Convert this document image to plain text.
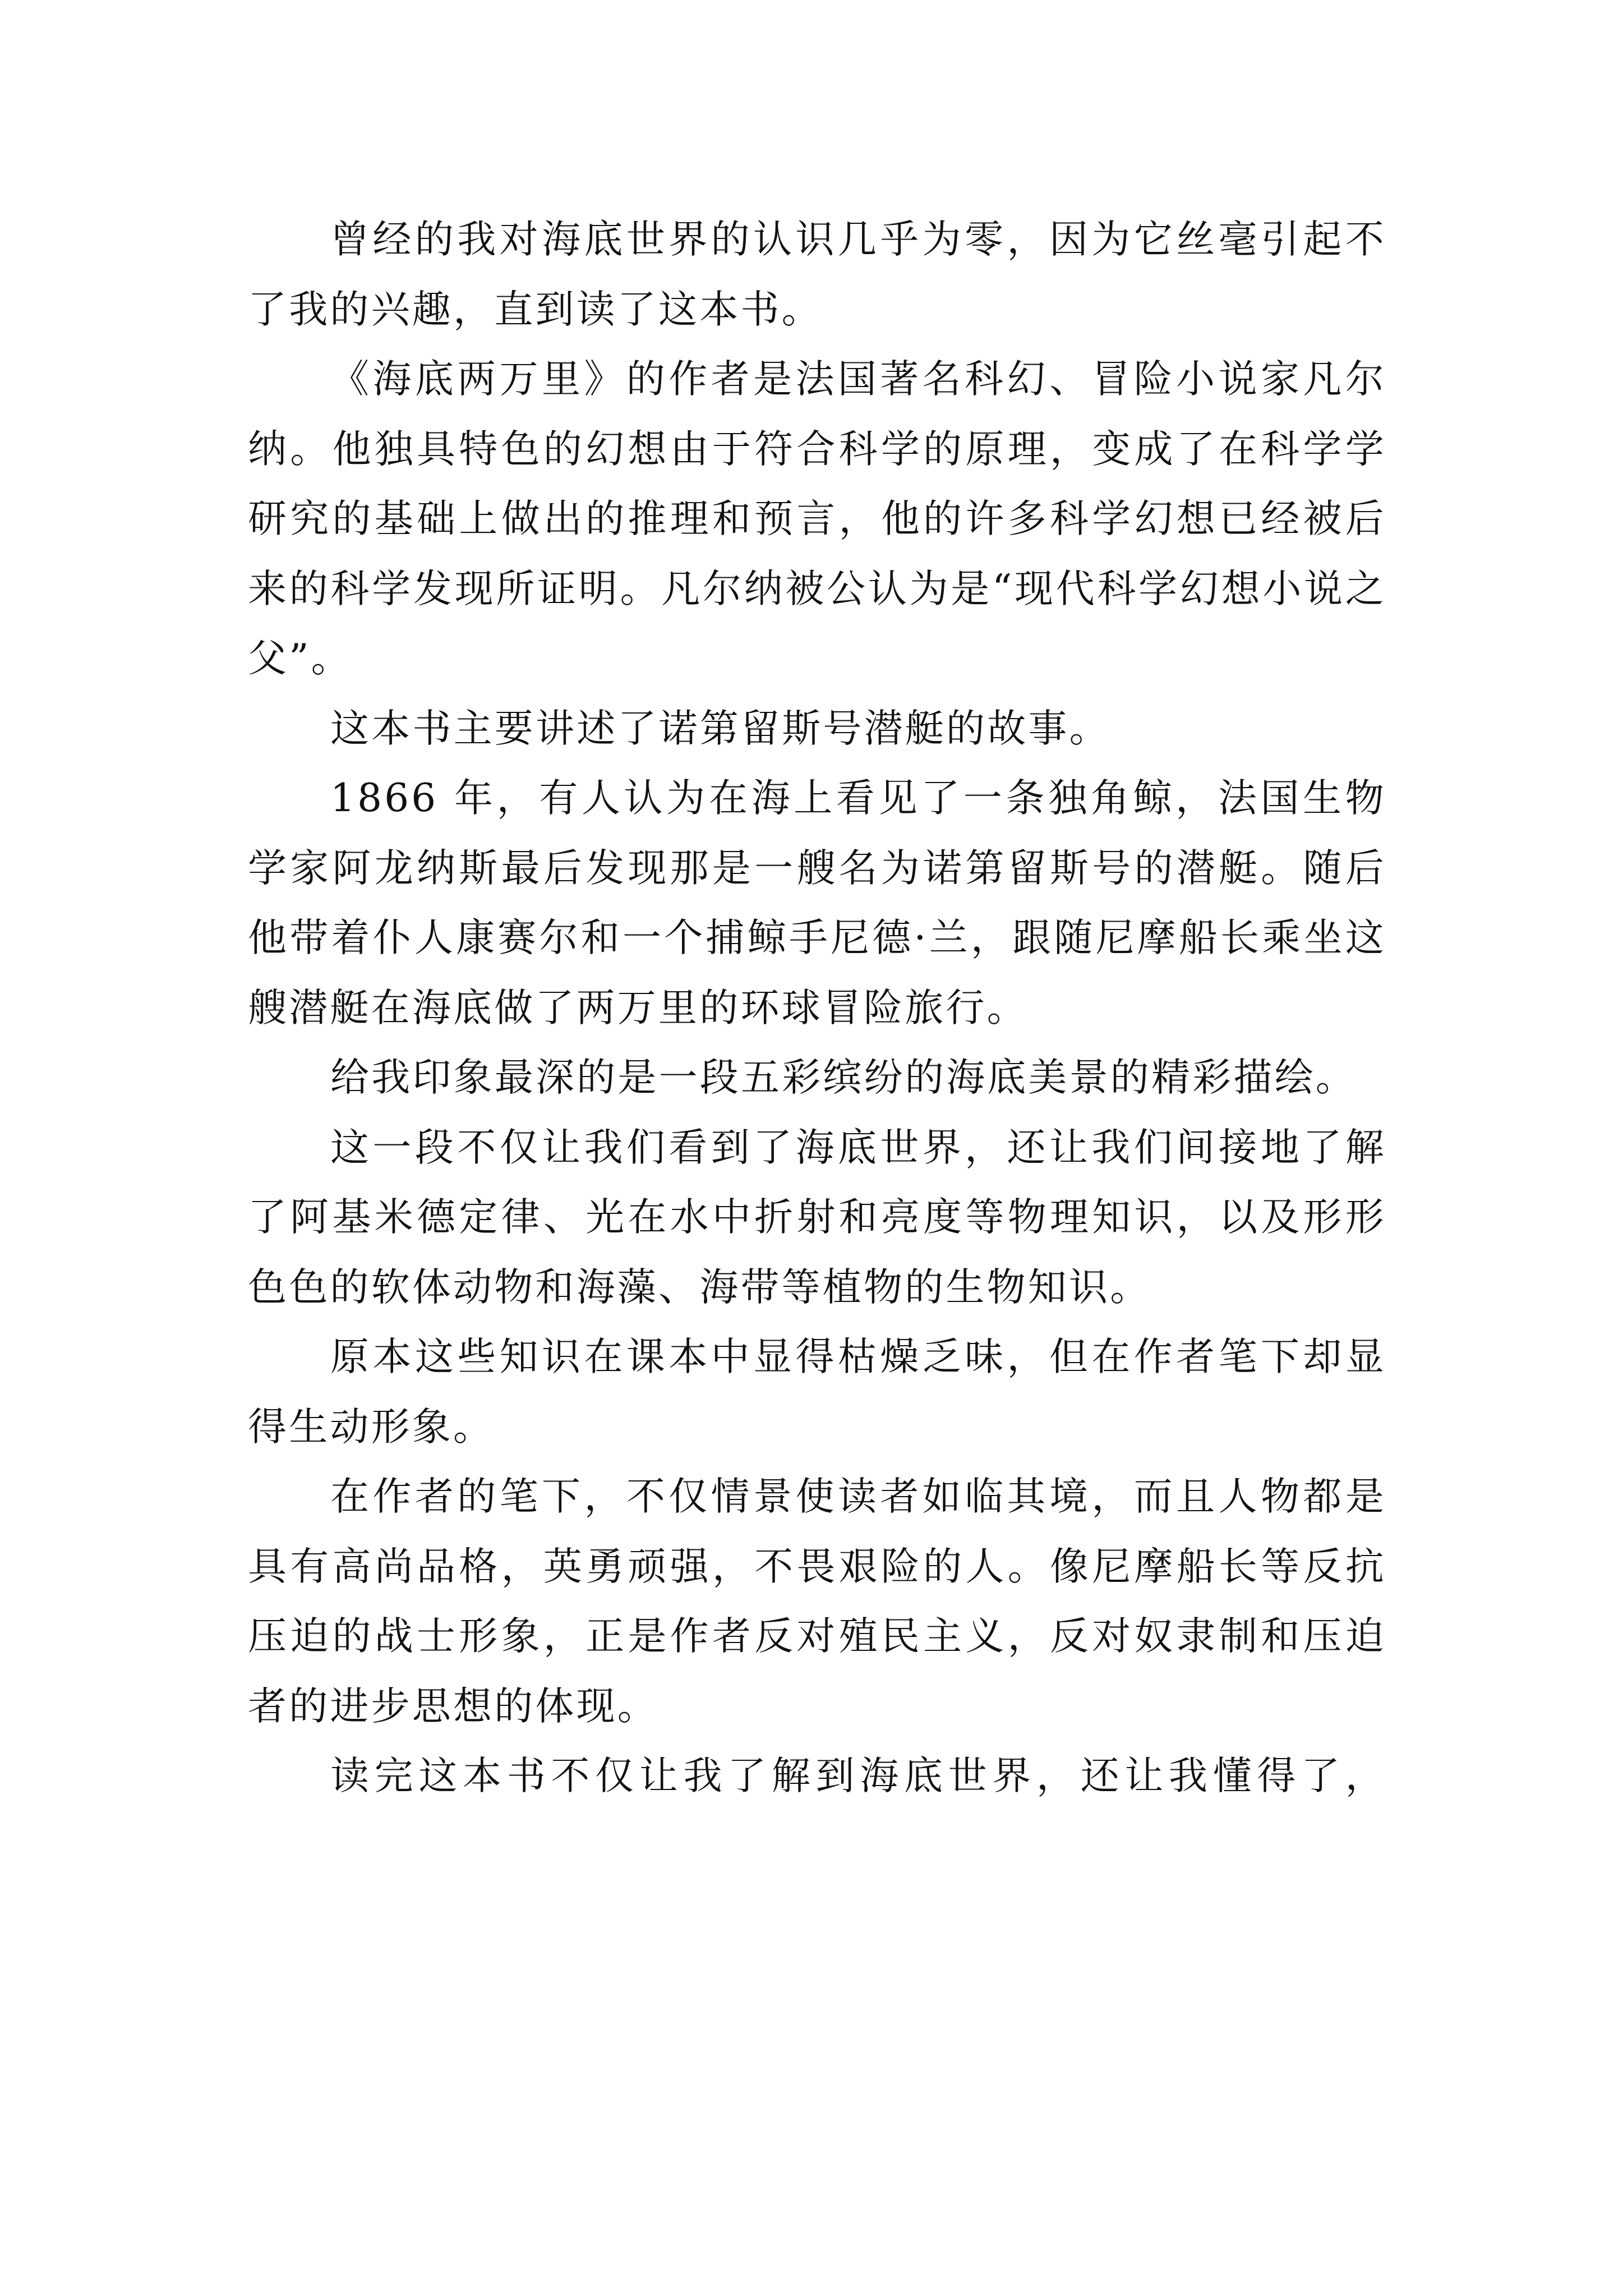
曾经的我对海底世界的认识几乎为零，因为它丝毫引起不了我的兴趣，直到读了这本书。

《海底两万里》的作者是法国著名科幻、冒险小说家凡尔纳。他独具特色的幻想由于符合科学的原理，变成了在科学学研究的基础上做出的推理和预言，他的许多科学幻想已经被后来的科学发现所证明。凡尔纳被公认为是“现代科学幻想小说之父”。

这本书主要讲述了诺第留斯号潜艇的故事。

1866 年，有人认为在海上看见了一条独角鲸，法国生物学家阿龙纳斯最后发现那是一艘名为诺第留斯号的潜艇。随后他带着仆人康赛尔和一个捕鲸手尼德·兰，跟随尼摩船长乘坐这艘潜艇在海底做了两万里的环球冒险旅行。

给我印象最深的是一段五彩缤纷的海底美景的精彩描绘。

这一段不仅让我们看到了海底世界，还让我们间接地了解了阿基米德定律、光在水中折射和亮度等物理知识，以及形形色色的软体动物和海藻、海带等植物的生物知识。

原本这些知识在课本中显得枯燥乏味，但在作者笔下却显得生动形象。

在作者的笔下，不仅情景使读者如临其境，而且人物都是具有高尚品格，英勇顽强，不畏艰险的人。像尼摩船长等反抗压迫的战士形象，正是作者反对殖民主义，反对奴隶制和压迫者的进步思想的体现。

读完这本书不仅让我了解到海底世界，还让我懂得了，
